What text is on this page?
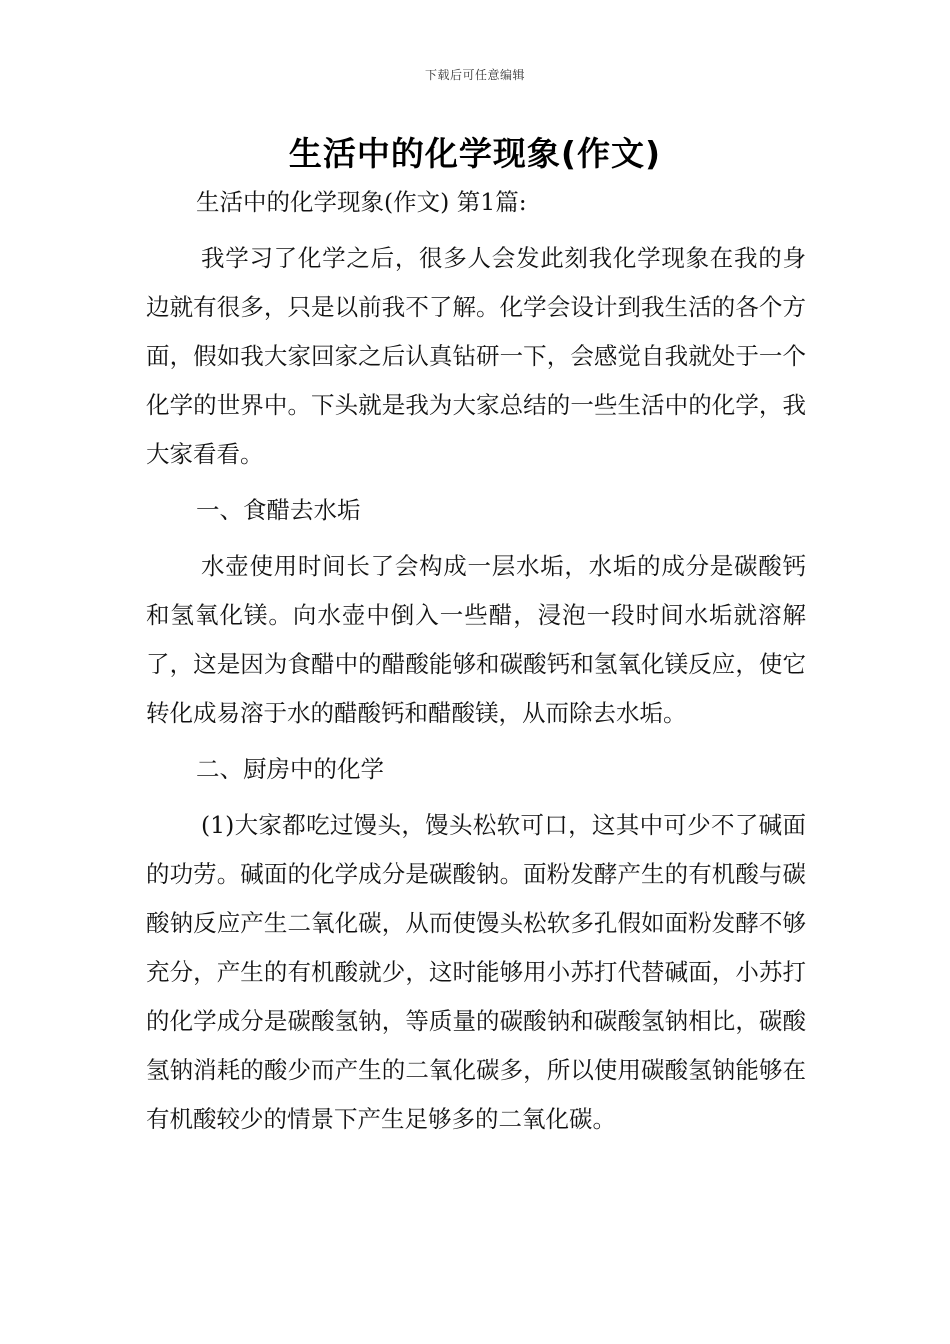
下载后可任意编辑
生活中的化学现象(作文)

生活中的化学现象(作文) 第1篇:

我学习了化学之后，很多人会发此刻我化学现象在我的身边就有很多，只是以前我不了解。化学会设计到我生活的各个方面，假如我大家回家之后认真钻研一下，会感觉自我就处于一个化学的世界中。下头就是我为大家总结的一些生活中的化学，我大家看看。

一、食醋去水垢

水壶使用时间长了会构成一层水垢，水垢的成分是碳酸钙和氢氧化镁。向水壶中倒入一些醋，浸泡一段时间水垢就溶解了，这是因为食醋中的醋酸能够和碳酸钙和氢氧化镁反应，使它转化成易溶于水的醋酸钙和醋酸镁，从而除去水垢。

二、厨房中的化学

(1)大家都吃过馒头，馒头松软可口，这其中可少不了碱面的功劳。碱面的化学成分是碳酸钠。面粉发酵产生的有机酸与碳酸钠反应产生二氧化碳，从而使馒头松软多孔假如面粉发酵不够充分，产生的有机酸就少，这时能够用小苏打代替碱面，小苏打的化学成分是碳酸氢钠，等质量的碳酸钠和碳酸氢钠相比，碳酸氢钠消耗的酸少而产生的二氧化碳多，所以使用碳酸氢钠能够在有机酸较少的情景下产生足够多的二氧化碳。
